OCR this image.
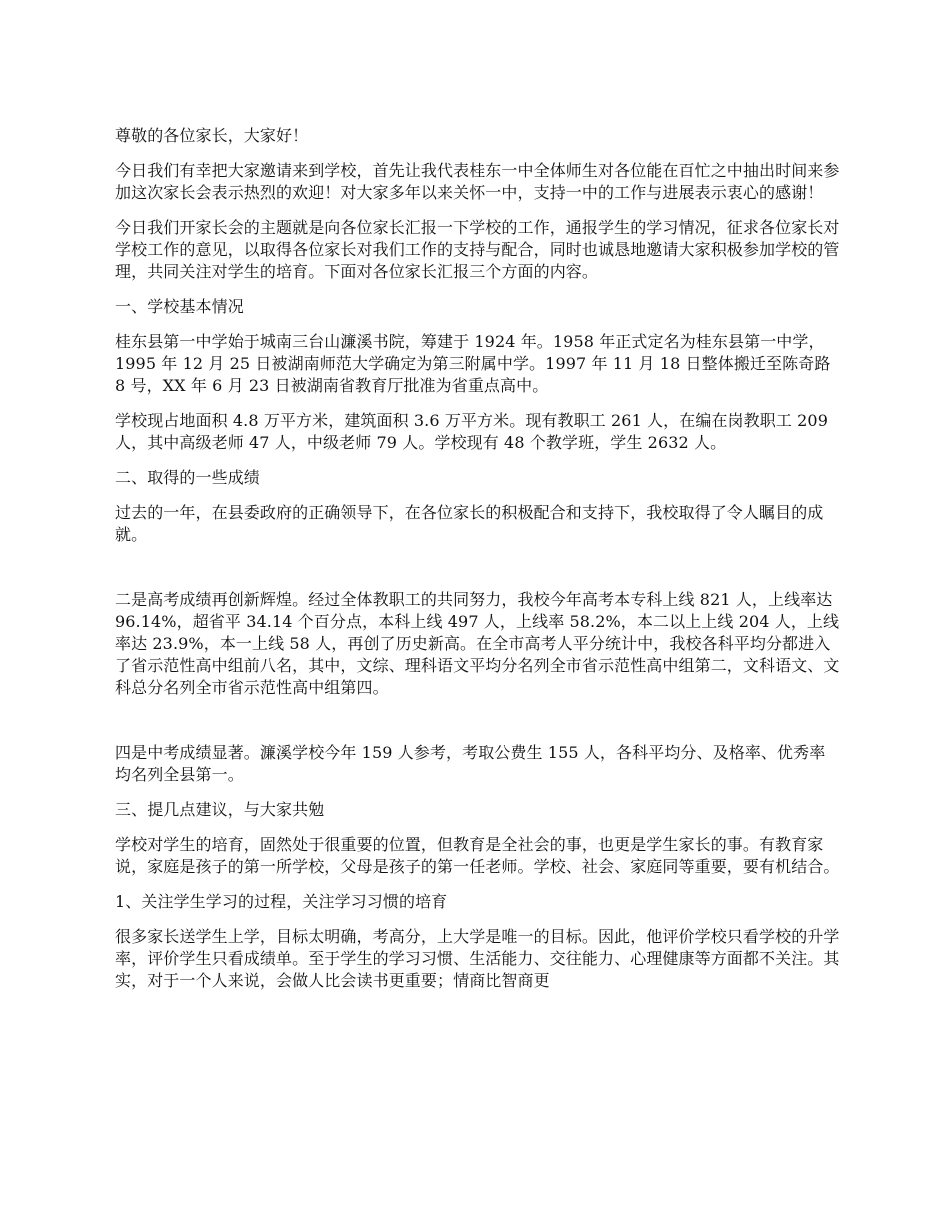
尊敬的各位家长，大家好！

今日我们有幸把大家邀请来到学校，首先让我代表桂东一中全体师生对各位能在百忙之中抽出时间来参加这次家长会表示热烈的欢迎！对大家多年以来关怀一中，支持一中的工作与进展表示衷心的感谢！

今日我们开家长会的主题就是向各位家长汇报一下学校的工作，通报学生的学习情况，征求各位家长对学校工作的意见，以取得各位家长对我们工作的支持与配合，同时也诚恳地邀请大家积极参加学校的管理，共同关注对学生的培育。下面对各位家长汇报三个方面的内容。

一、学校基本情况

桂东县第一中学始于城南三台山濂溪书院，筹建于 1924 年。1958 年正式定名为桂东县第一中学， 1995 年 12 月 25 日被湖南师范大学确定为第三附属中学。1997 年 11 月 18 日整体搬迁至陈奇路 8 号，XX 年 6 月 23 日被湖南省教育厅批准为省重点高中。

学校现占地面积 4.8 万平方米，建筑面积 3.6 万平方米。现有教职工 261 人，在编在岗教职工 209 人，其中高级老师 47 人，中级老师 79 人。学校现有 48 个教学班，学生 2632 人。

二、取得的一些成绩

过去的一年，在县委政府的正确领导下，在各位家长的积极配合和支持下，我校取得了令人瞩目的成就。

二是高考成绩再创新辉煌。经过全体教职工的共同努力，我校今年高考本专科上线 821 人，上线率达 96.14%，超省平 34.14 个百分点，本科上线 497 人，上线率 58.2%，本二以上上线 204 人，上线率达 23.9%，本一上线 58 人，再创了历史新高。在全市高考人平分统计中，我校各科平均分都进入了省示范性高中组前八名，其中，文综、理科语文平均分名列全市省示范性高中组第二，文科语文、文科总分名列全市省示范性高中组第四。

四是中考成绩显著。濂溪学校今年 159 人参考，考取公费生 155 人，各科平均分、及格率、优秀率均名列全县第一。

三、提几点建议，与大家共勉

学校对学生的培育，固然处于很重要的位置，但教育是全社会的事，也更是学生家长的事。有教育家说，家庭是孩子的第一所学校，父母是孩子的第一任老师。学校、社会、家庭同等重要，要有机结合。

1、关注学生学习的过程，关注学习习惯的培育

很多家长送学生上学，目标太明确，考高分，上大学是唯一的目标。因此，他评价学校只看学校的升学率，评价学生只看成绩单。至于学生的学习习惯、生活能力、交往能力、心理健康等方面都不关注。其实，对于一个人来说，会做人比会读书更重要；情商比智商更
